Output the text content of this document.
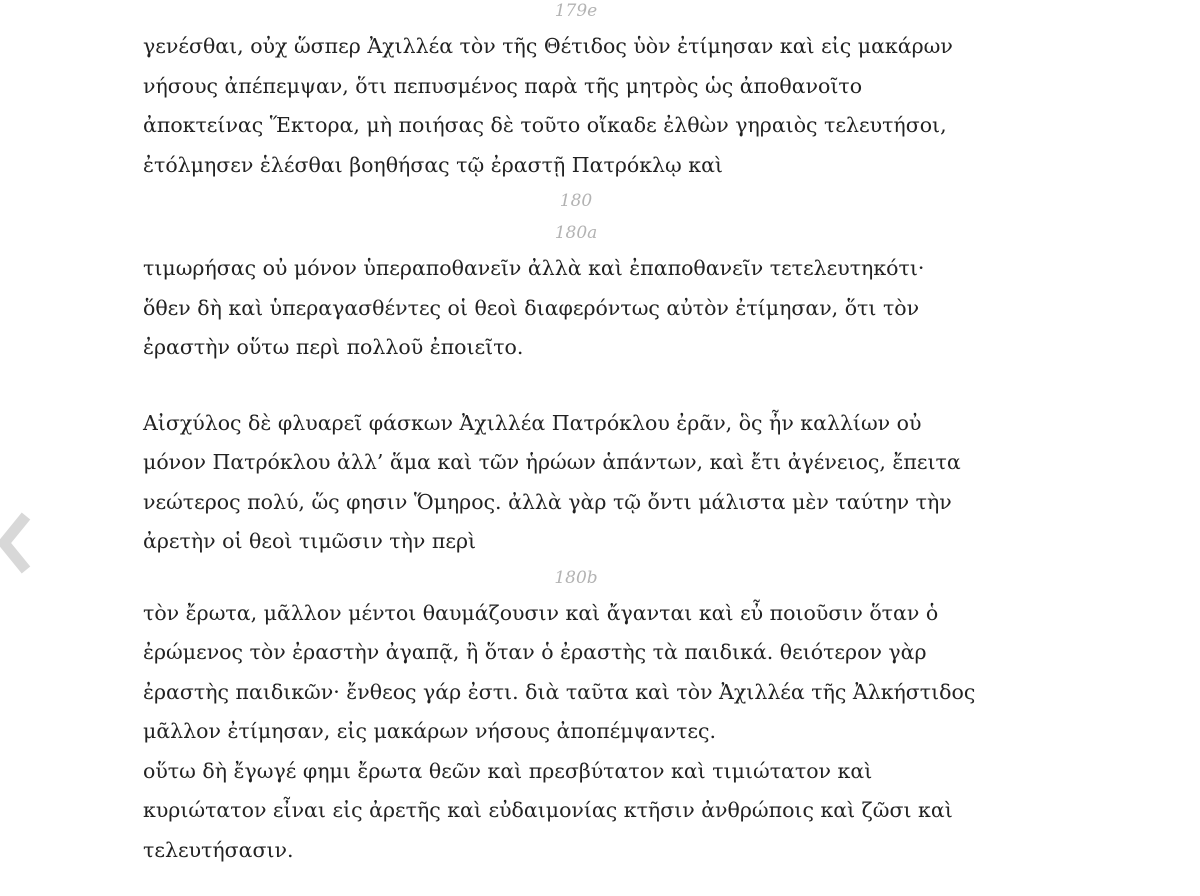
179e

γενέσθαι, οὐχ ὥσπερ Ἀχιλλέα τὸν τῆς Θέτιδος ὑὸν ἐτίμησαν καὶ εἰς μακάρων
νήσους ἀπέπεμψαν, ὅτι πεπυσμένος παρὰ τῆς μητρὸς ὡς ἀποθανοῖτο
ἀποκτείνας Ἕκτορα, μὴ ποιήσας δὲ τοῦτο οἴκαδε ἐλθὼν γηραιὸς τελευτήσοι,
ἐτόλμησεν ἑλέσθαι βοηθήσας τῷ ἐραστῇ Πατρόκλῳ καὶ

180
180a

τιμωρήσας οὐ μόνον ὑπεραποθανεῖν ἀλλὰ καὶ ἐπαποθανεῖν τετελευτηκότι·
ὅθεν δὴ καὶ ὑπεραγασθέντες οἱ θεοὶ διαφερόντως αὐτὸν ἐτίμησαν, ὅτι τὸν
ἐραστὴν οὕτω περὶ πολλοῦ ἐποιεῖτο.

Αἰσχύλος δὲ φλυαρεῖ φάσκων Ἀχιλλέα Πατρόκλου ἐρᾶν, ὃς ἦν καλλίων οὐ
μόνον Πατρόκλου ἀλλ’ ἅμα καὶ τῶν ἡρώων ἁπάντων, καὶ ἔτι ἀγένειος, ἔπειτα
νεώτερος πολύ, ὥς φησιν Ὅμηρος. ἀλλὰ γὰρ τῷ ὄντι μάλιστα μὲν ταύτην τὴν
ἀρετὴν οἱ θεοὶ τιμῶσιν τὴν περὶ

180b

τὸν ἔρωτα, μᾶλλον μέντοι θαυμάζουσιν καὶ ἄγανται καὶ εὖ ποιοῦσιν ὅταν ὁ
ἐρώμενος τὸν ἐραστὴν ἀγαπᾷ, ἢ ὅταν ὁ ἐραστὴς τὰ παιδικά. θειότερον γὰρ
ἐραστὴς παιδικῶν· ἔνθεος γάρ ἐστι. διὰ ταῦτα καὶ τὸν Ἀχιλλέα τῆς Ἀλκήστιδος
μᾶλλον ἐτίμησαν, εἰς μακάρων νήσους ἀποπέμψαντες.
οὕτω δὴ ἔγωγέ φημι ἔρωτα θεῶν καὶ πρεσβύτατον καὶ τιμιώτατον καὶ
κυριώτατον εἶναι εἰς ἀρετῆς καὶ εὐδαιμονίας κτῆσιν ἀνθρώποις καὶ ζῶσι καὶ
τελευτήσασιν.
